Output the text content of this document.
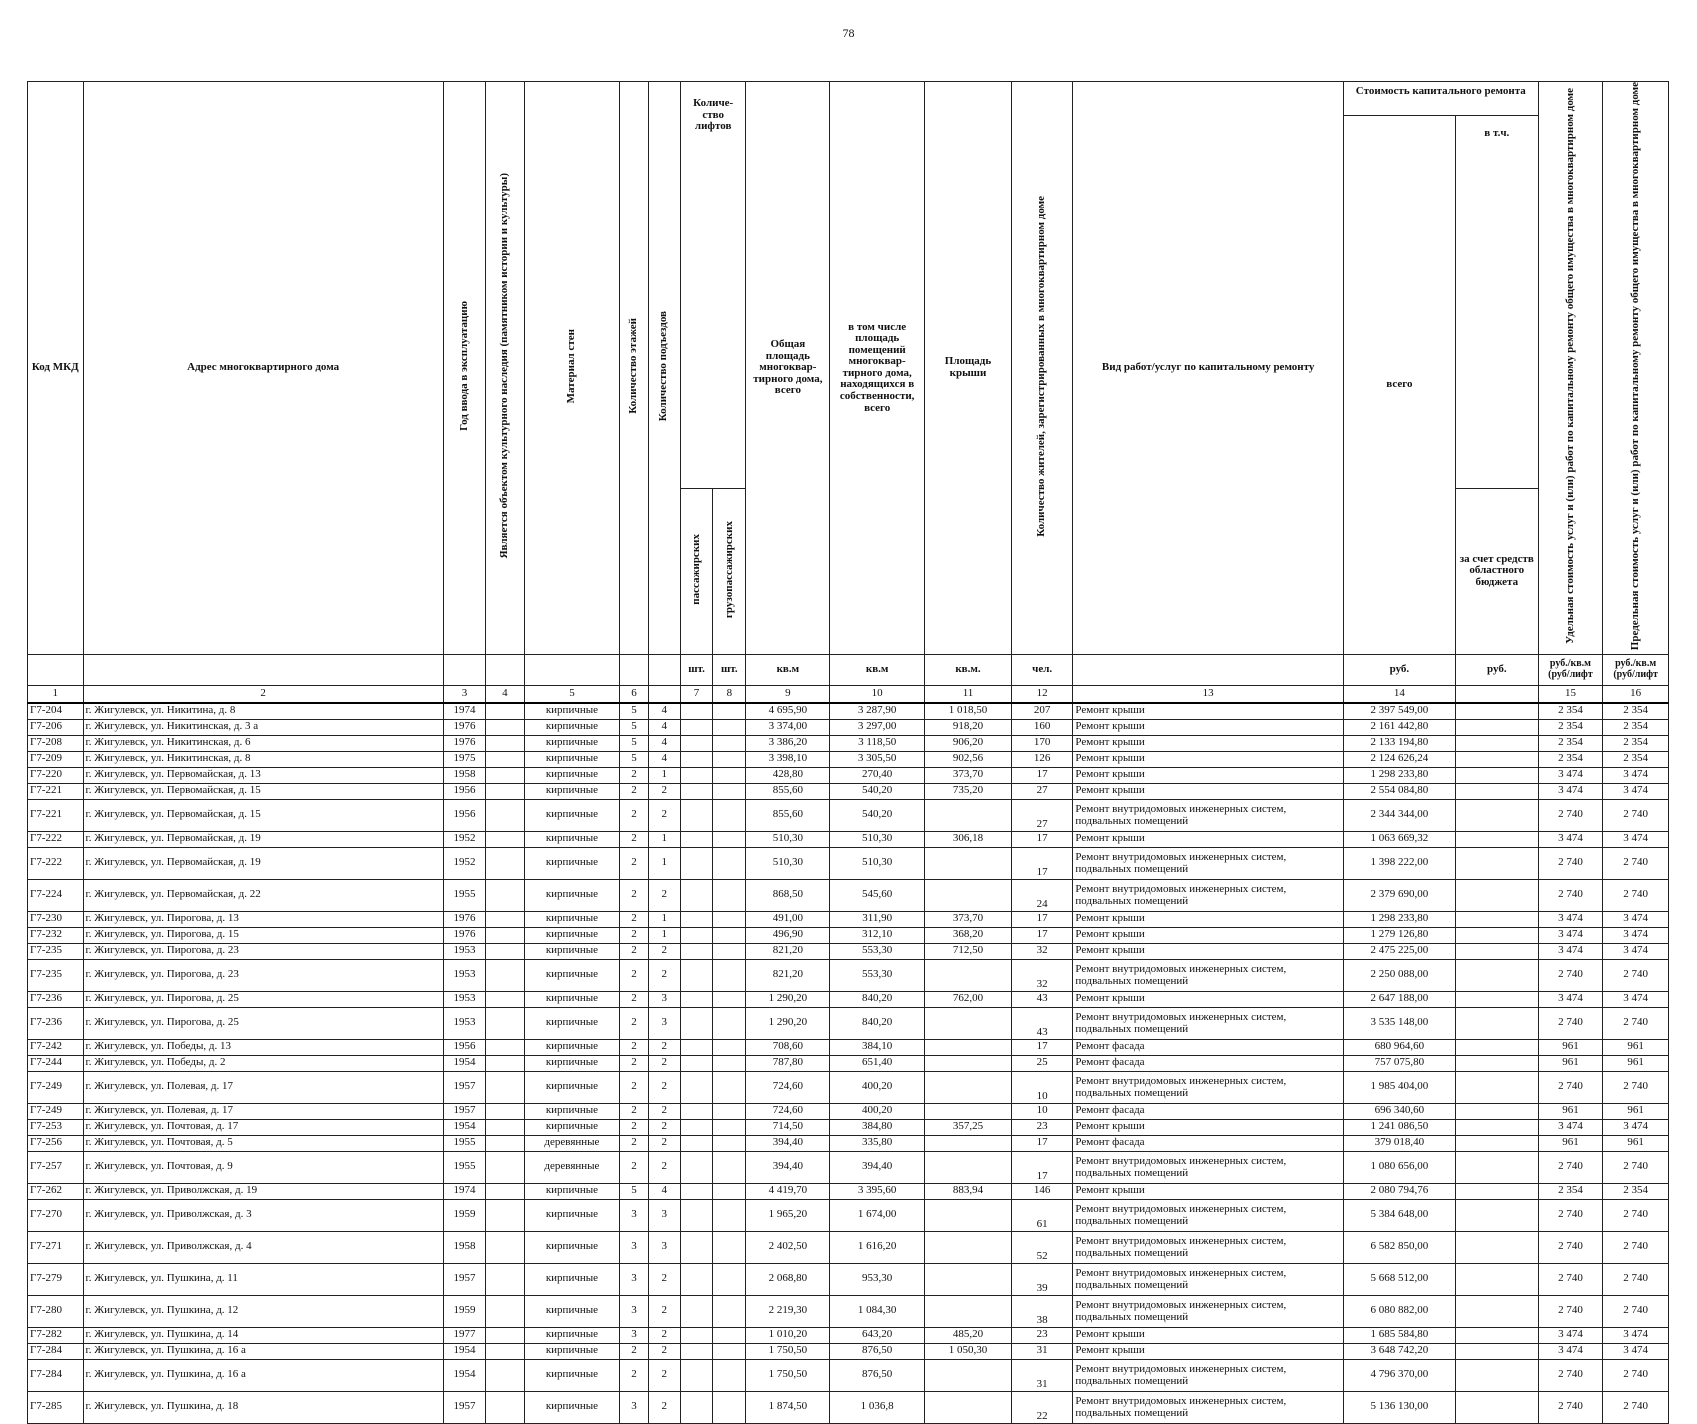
78
Код МКД	Адрес многоквартирного дома	Год ввода в эксплуатацию	Является объектом культурного наследия (памятником истории и культуры)	Материал стен	Количество этажей	Количество подъездов	Количе-ство лифтов		Общая площадь многоквар-тирного дома, всего	в том числе площадь помещений многоквар-тирного дома, находящихся в собственности, всего	Площадь крыши	Количество жителей, зарегистрированных в многоквартирном доме	Вид работ/услуг по капитальному ремонту	Стоимость капитального ремонта		Удельная стоимость услуг и (или) работ по капитальному ремонту общего имущества в многоквартирном доме	Предельная стоимость услуг и (или) работ по капитальному ремонту общего имущества в многоквартирном доме
														всего	в т.ч.		
							пассажирских	грузопассажирских							за счет средств областного бюджета		
							шт.	шт.	кв.м	кв.м	кв.м.	чел.		руб.	руб.	руб./кв.м (руб/лифт	руб./кв.м (руб/лифт
1	2	3	4	5	6		7	8	9	10	11	12	13	14		15	16
Г7-204	г. Жигулевск, ул. Никитина, д. 8	1974		кирпичные	5	4			4 695,90	3 287,90	1 018,50	207	Ремонт крыши	2 397 549,00		2 354	2 354
Г7-206	г. Жигулевск, ул. Никитинская, д. 3 а	1976		кирпичные	5	4			3 374,00	3 297,00	918,20	160	Ремонт крыши	2 161 442,80		2 354	2 354
Г7-208	г. Жигулевск, ул. Никитинская, д. 6	1976		кирпичные	5	4			3 386,20	3 118,50	906,20	170	Ремонт крыши	2 133 194,80		2 354	2 354
Г7-209	г. Жигулевск, ул. Никитинская, д. 8	1975		кирпичные	5	4			3 398,10	3 305,50	902,56	126	Ремонт крыши	2 124 626,24		2 354	2 354
Г7-220	г. Жигулевск, ул. Первомайская, д. 13	1958		кирпичные	2	1			428,80	270,40	373,70	17	Ремонт крыши	1 298 233,80		3 474	3 474
Г7-221	г. Жигулевск, ул. Первомайская, д. 15	1956		кирпичные	2	2			855,60	540,20	735,20	27	Ремонт крыши	2 554 084,80		3 474	3 474
Г7-221	г. Жигулевск, ул. Первомайская, д. 15	1956		кирпичные	2	2			855,60	540,20		27	Ремонт внутридомовых инженерных систем, подвальных помещений	2 344 344,00		2 740	2 740
Г7-222	г. Жигулевск, ул. Первомайская, д. 19	1952		кирпичные	2	1			510,30	510,30	306,18	17	Ремонт крыши	1 063 669,32		3 474	3 474
Г7-222	г. Жигулевск, ул. Первомайская, д. 19	1952		кирпичные	2	1			510,30	510,30		17	Ремонт внутридомовых инженерных систем, подвальных помещений	1 398 222,00		2 740	2 740
Г7-224	г. Жигулевск, ул. Первомайская, д. 22	1955		кирпичные	2	2			868,50	545,60		24	Ремонт внутридомовых инженерных систем, подвальных помещений	2 379 690,00		2 740	2 740
Г7-230	г. Жигулевск, ул. Пирогова, д. 13	1976		кирпичные	2	1			491,00	311,90	373,70	17	Ремонт крыши	1 298 233,80		3 474	3 474
Г7-232	г. Жигулевск, ул. Пирогова, д. 15	1976		кирпичные	2	1			496,90	312,10	368,20	17	Ремонт крыши	1 279 126,80		3 474	3 474
Г7-235	г. Жигулевск, ул. Пирогова, д. 23	1953		кирпичные	2	2			821,20	553,30	712,50	32	Ремонт крыши	2 475 225,00		3 474	3 474
Г7-235	г. Жигулевск, ул. Пирогова, д. 23	1953		кирпичные	2	2			821,20	553,30		32	Ремонт внутридомовых инженерных систем, подвальных помещений	2 250 088,00		2 740	2 740
Г7-236	г. Жигулевск, ул. Пирогова, д. 25	1953		кирпичные	2	3			1 290,20	840,20	762,00	43	Ремонт крыши	2 647 188,00		3 474	3 474
Г7-236	г. Жигулевск, ул. Пирогова, д. 25	1953		кирпичные	2	3			1 290,20	840,20		43	Ремонт внутридомовых инженерных систем, подвальных помещений	3 535 148,00		2 740	2 740
Г7-242	г. Жигулевск, ул. Победы, д. 13	1956		кирпичные	2	2			708,60	384,10		17	Ремонт фасада	680 964,60		961	961
Г7-244	г. Жигулевск, ул. Победы, д. 2	1954		кирпичные	2	2			787,80	651,40		25	Ремонт фасада	757 075,80		961	961
Г7-249	г. Жигулевск, ул. Полевая, д. 17	1957		кирпичные	2	2			724,60	400,20		10	Ремонт внутридомовых инженерных систем, подвальных помещений	1 985 404,00		2 740	2 740
Г7-249	г. Жигулевск, ул. Полевая, д. 17	1957		кирпичные	2	2			724,60	400,20		10	Ремонт фасада	696 340,60		961	961
Г7-253	г. Жигулевск, ул. Почтовая, д. 17	1954		кирпичные	2	2			714,50	384,80	357,25	23	Ремонт крыши	1 241 086,50		3 474	3 474
Г7-256	г. Жигулевск, ул. Почтовая, д. 5	1955		деревянные	2	2			394,40	335,80		17	Ремонт фасада	379 018,40		961	961
Г7-257	г. Жигулевск, ул. Почтовая, д. 9	1955		деревянные	2	2			394,40	394,40		17	Ремонт внутридомовых инженерных систем, подвальных помещений	1 080 656,00		2 740	2 740
Г7-262	г. Жигулевск, ул. Приволжская, д. 19	1974		кирпичные	5	4			4 419,70	3 395,60	883,94	146	Ремонт крыши	2 080 794,76		2 354	2 354
Г7-270	г. Жигулевск, ул. Приволжская, д. 3	1959		кирпичные	3	3			1 965,20	1 674,00		61	Ремонт внутридомовых инженерных систем, подвальных помещений	5 384 648,00		2 740	2 740
Г7-271	г. Жигулевск, ул. Приволжская, д. 4	1958		кирпичные	3	3			2 402,50	1 616,20		52	Ремонт внутридомовых инженерных систем, подвальных помещений	6 582 850,00		2 740	2 740
Г7-279	г. Жигулевск, ул. Пушкина, д. 11	1957		кирпичные	3	2			2 068,80	953,30		39	Ремонт внутридомовых инженерных систем, подвальных помещений	5 668 512,00		2 740	2 740
Г7-280	г. Жигулевск, ул. Пушкина, д. 12	1959		кирпичные	3	2			2 219,30	1 084,30		38	Ремонт внутридомовых инженерных систем, подвальных помещений	6 080 882,00		2 740	2 740
Г7-282	г. Жигулевск, ул. Пушкина, д. 14	1977		кирпичные	3	2			1 010,20	643,20	485,20	23	Ремонт крыши	1 685 584,80		3 474	3 474
Г7-284	г. Жигулевск, ул. Пушкина, д. 16 а	1954		кирпичные	2	2			1 750,50	876,50	1 050,30	31	Ремонт крыши	3 648 742,20		3 474	3 474
Г7-284	г. Жигулевск, ул. Пушкина, д. 16 а	1954		кирпичные	2	2			1 750,50	876,50		31	Ремонт внутридомовых инженерных систем, подвальных помещений	4 796 370,00		2 740	2 740
Г7-285	г. Жигулевск, ул. Пушкина, д. 18	1957		кирпичные	3	2			1 874,50	1 036,8		22	Ремонт внутридомовых инженерных систем, подвальных помещений	5 136 130,00		2 740	2 740
